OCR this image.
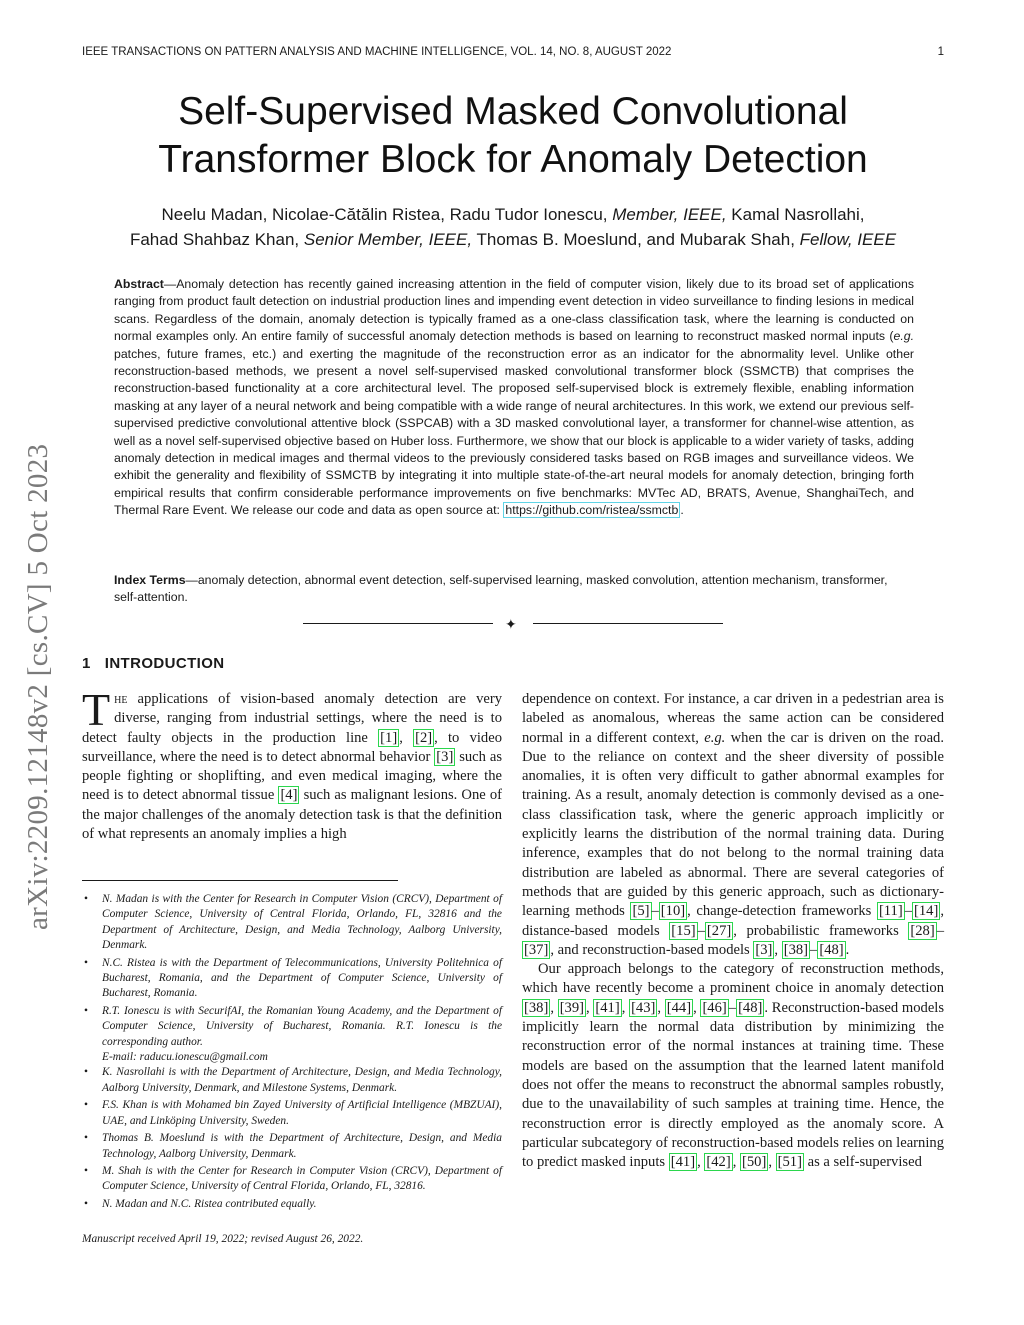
IEEE TRANSACTIONS ON PATTERN ANALYSIS AND MACHINE INTELLIGENCE, VOL. 14, NO. 8, AUGUST 2022	1
arXiv:2209.12148v2 [cs.CV] 5 Oct 2023
Self-Supervised Masked Convolutional
Transformer Block for Anomaly Detection
Neelu Madan, Nicolae-Cătălin Ristea, Radu Tudor Ionescu, Member, IEEE, Kamal Nasrollahi,
Fahad Shahbaz Khan, Senior Member, IEEE, Thomas B. Moeslund, and Mubarak Shah, Fellow, IEEE
Abstract—Anomaly detection has recently gained increasing attention in the field of computer vision, likely due to its broad set of applications ranging from product fault detection on industrial production lines and impending event detection in video surveillance to finding lesions in medical scans. Regardless of the domain, anomaly detection is typically framed as a one-class classification task, where the learning is conducted on normal examples only. An entire family of successful anomaly detection methods is based on learning to reconstruct masked normal inputs (e.g. patches, future frames, etc.) and exerting the magnitude of the reconstruction error as an indicator for the abnormality level. Unlike other reconstruction-based methods, we present a novel self-supervised masked convolutional transformer block (SSMCTB) that comprises the reconstruction-based functionality at a core architectural level. The proposed self-supervised block is extremely flexible, enabling information masking at any layer of a neural network and being compatible with a wide range of neural architectures. In this work, we extend our previous self-supervised predictive convolutional attentive block (SSPCAB) with a 3D masked convolutional layer, a transformer for channel-wise attention, as well as a novel self-supervised objective based on Huber loss. Furthermore, we show that our block is applicable to a wider variety of tasks, adding anomaly detection in medical images and thermal videos to the previously considered tasks based on RGB images and surveillance videos. We exhibit the generality and flexibility of SSMCTB by integrating it into multiple state-of-the-art neural models for anomaly detection, bringing forth empirical results that confirm considerable performance improvements on five benchmarks: MVTec AD, BRATS, Avenue, ShanghaiTech, and Thermal Rare Event. We release our code and data as open source at: https://github.com/ristea/ssmctb .
Index Terms—anomaly detection, abnormal event detection, self-supervised learning, masked convolution, attention mechanism, transformer, self-attention.
✦
1 INTRODUCTION

The applications of vision-based anomaly detection are very diverse, ranging from industrial settings, where the need is to detect faulty objects in the production line [1] , [2] , to video surveillance, where the need is to detect abnormal behavior [3] such as people fighting or shoplifting, and even medical imaging, where the need is to detect abnormal tissue [4] such as malignant lesions. One of the major challenges of the anomaly detection task is that the definition of what represents an anomaly implies a high

• N. Madan is with the Center for Research in Computer Vision (CRCV), Department of Computer Science, University of Central Florida, Orlando, FL, 32816 and the Department of Architecture, Design, and Media Technology, Aalborg University, Denmark.
• N.C. Ristea is with the Department of Telecommunications, University Politehnica of Bucharest, Romania, and the Department of Computer Science, University of Bucharest, Romania.
• R.T. Ionescu is with SecurifAI, the Romanian Young Academy, and the Department of Computer Science, University of Bucharest, Romania. R.T. Ionescu is the corresponding author.
E-mail: raducu.ionescu@gmail.com
• K. Nasrollahi is with the Department of Architecture, Design, and Media Technology, Aalborg University, Denmark, and Milestone Systems, Denmark.
• F.S. Khan is with Mohamed bin Zayed University of Artificial Intelligence (MBZUAI), UAE, and Linköping University, Sweden.
• Thomas B. Moeslund is with the Department of Architecture, Design, and Media Technology, Aalborg University, Denmark.
• M. Shah is with the Center for Research in Computer Vision (CRCV), Department of Computer Science, University of Central Florida, Orlando, FL, 32816.
• N. Madan and N.C. Ristea contributed equally.
Manuscript received April 19, 2022; revised August 26, 2022.

dependence on context. For instance, a car driven in a pedestrian area is labeled as anomalous, whereas the same action can be considered normal in a different context, e.g. when the car is driven on the road. Due to the reliance on context and the sheer diversity of possible anomalies, it is often very difficult to gather abnormal examples for training. As a result, anomaly detection is commonly devised as a one-class classification task, where the generic approach implicitly or explicitly learns the distribution of the normal training data. During inference, examples that do not belong to the normal training data distribution are labeled as abnormal. There are several categories of methods that are guided by this generic approach, such as dictionary-learning methods [5] – [10] , change-detection frameworks [11] – [14] , distance-based models [15] – [27] , probabilistic frameworks [28] –[37] , and reconstruction-based models [3] , [38] – [48] .

Our approach belongs to the category of reconstruction methods, which have recently become a prominent choice in anomaly detection [38] , [39] , [41] , [43] , [44] , [46] – [48] . Reconstruction-based models implicitly learn the normal data distribution by minimizing the reconstruction error of the normal instances at training time. These models are based on the assumption that the learned latent manifold does not offer the means to reconstruct the abnormal samples robustly, due to the unavailability of such samples at training time. Hence, the reconstruction error is directly employed as the anomaly score. A particular subcategory of reconstruction-based models relies on learning to predict masked inputs [41] , [42] , [50] , [51] as a self-supervised
